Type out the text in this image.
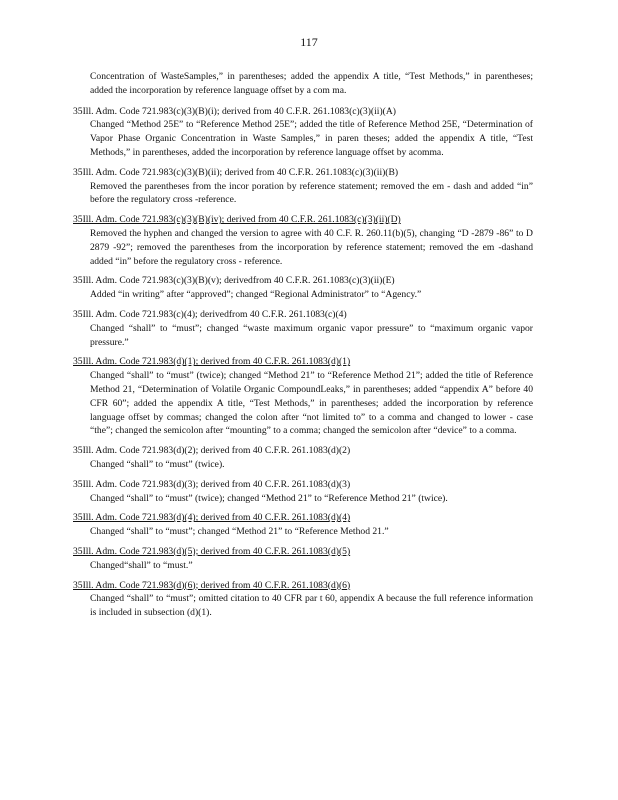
117
Concentration of WasteSamples,” in parentheses; added the appendix A title, “Test Methods,” in parentheses; added the incorporation by reference language offset by a com ma.
35Ill. Adm. Code 721.983(c)(3)(B)(i); derived from 40 C.F.R. 261.1083(c)(3)(ii)(A)
Changed “Method 25E” to “Reference Method 25E”; added the title of Reference Method 25E, “Determination of Vapor Phase Organic Concentration in Waste Samples,” in paren theses; added the appendix A title, “Test Methods,” in parentheses, added the incorporation by reference language offset by acomma.
35Ill. Adm. Code 721.983(c)(3)(B)(ii); derived from 40 C.F.R. 261.1083(c)(3)(ii)(B)
Removed the parentheses from the incor poration by reference statement; removed the em - dash and added “in” before the regulatory cross -reference.
35Ill. Adm. Code 721.983(c)(3)(B)(iv); derived from 40 C.F.R. 261.1083(c)(3)(ii)(D)
Removed the hyphen and changed the version to agree with 40 C.F. R. 260.11(b)(5), changing “D -2879 -86” to D 2879 -92”; removed the parentheses from the incorporation by reference statement; removed the em -dashand added “in” before the regulatory cross - reference.
35Ill. Adm. Code 721.983(c)(3)(B)(v); derivedfrom 40 C.F.R. 261.1083(c)(3)(ii)(E)
Added “in writing” after “approved”; changed “Regional Administrator” to “Agency.”
35Ill. Adm. Code 721.983(c)(4); derivedfrom 40 C.F.R. 261.1083(c)(4)
Changed “shall” to “must”; changed “waste maximum organic vapor pressure” to “maximum organic vapor pressure.”
35Ill. Adm. Code 721.983(d)(1); derived from 40 C.F.R. 261.1083(d)(1)
Changed “shall” to “must” (twice); changed “Method 21” to “Reference Method 21”; added the title of Reference Method 21, “Determination of Volatile Organic CompoundLeaks,” in parentheses; added “appendix A” before 40 CFR 60”; added the appendix A title, “Test Methods,” in parentheses; added the incorporation by reference language offset by commas; changed the colon after “not limited to” to a comma and changed to lower - case “the”; changed the semicolon after “mounting” to a comma; changed the semicolon after “device” to a comma.
35Ill. Adm. Code 721.983(d)(2); derived from 40 C.F.R. 261.1083(d)(2)
Changed “shall” to “must” (twice).
35Ill. Adm. Code 721.983(d)(3); derived from 40 C.F.R. 261.1083(d)(3)
Changed “shall” to “must” (twice); changed “Method 21” to “Reference Method 21” (twice).
35Ill. Adm. Code 721.983(d)(4); derived from 40 C.F.R. 261.1083(d)(4)
Changed “shall” to “must”; changed “Method 21” to “Reference Method 21.”
35Ill. Adm. Code 721.983(d)(5); derived from 40 C.F.R. 261.1083(d)(5)
Changed“shall” to “must.”
35Ill. Adm. Code 721.983(d)(6); derived from 40 C.F.R. 261.1083(d)(6)
Changed “shall” to “must”; omitted citation to 40 CFR par t 60, appendix A because the full reference information is included in subsection (d)(1).
